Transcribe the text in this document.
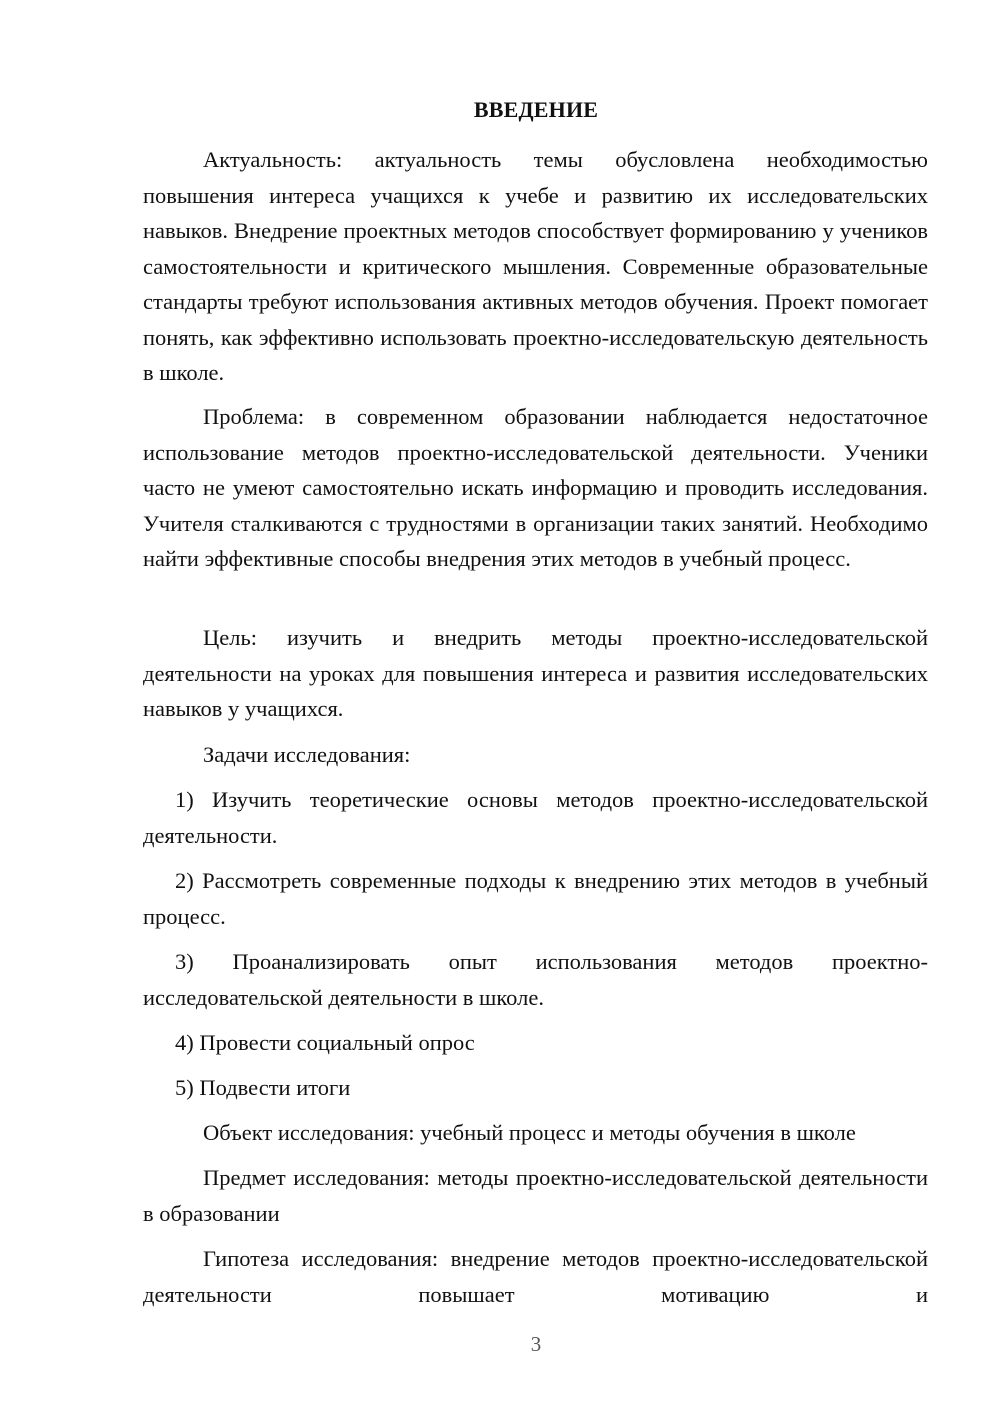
ВВЕДЕНИЕ

Актуальность: актуальность темы обусловлена необходимостью повышения интереса учащихся к учебе и развитию их исследовательских навыков. Внедрение проектных методов способствует формированию у учеников самостоятельности и критического мышления. Современные образовательные стандарты требуют использования активных методов обучения. Проект помогает понять, как эффективно использовать проектно-исследовательскую деятельность в школе.

Проблема: в современном образовании наблюдается недостаточное использование методов проектно-исследовательской деятельности. Ученики часто не умеют самостоятельно искать информацию и проводить исследования. Учителя сталкиваются с трудностями в организации таких занятий. Необходимо найти эффективные способы внедрения этих методов в учебный процесс.

Цель: изучить и внедрить методы проектно-исследовательской деятельности на уроках для повышения интереса и развития исследовательских навыков у учащихся.

Задачи исследования:

1) Изучить теоретические основы методов проектно-исследовательской деятельности.

2) Рассмотреть современные подходы к внедрению этих методов в учебный процесс.

3) Проанализировать опыт использования методов проектно-исследовательской деятельности в школе.

4) Провести социальный опрос

5) Подвести итоги

Объект исследования: учебный процесс и методы обучения в школе

Предмет исследования: методы проектно-исследовательской деятельности в образовании

Гипотеза исследования: внедрение методов проектно-исследовательской деятельности повышает мотивацию и

3
